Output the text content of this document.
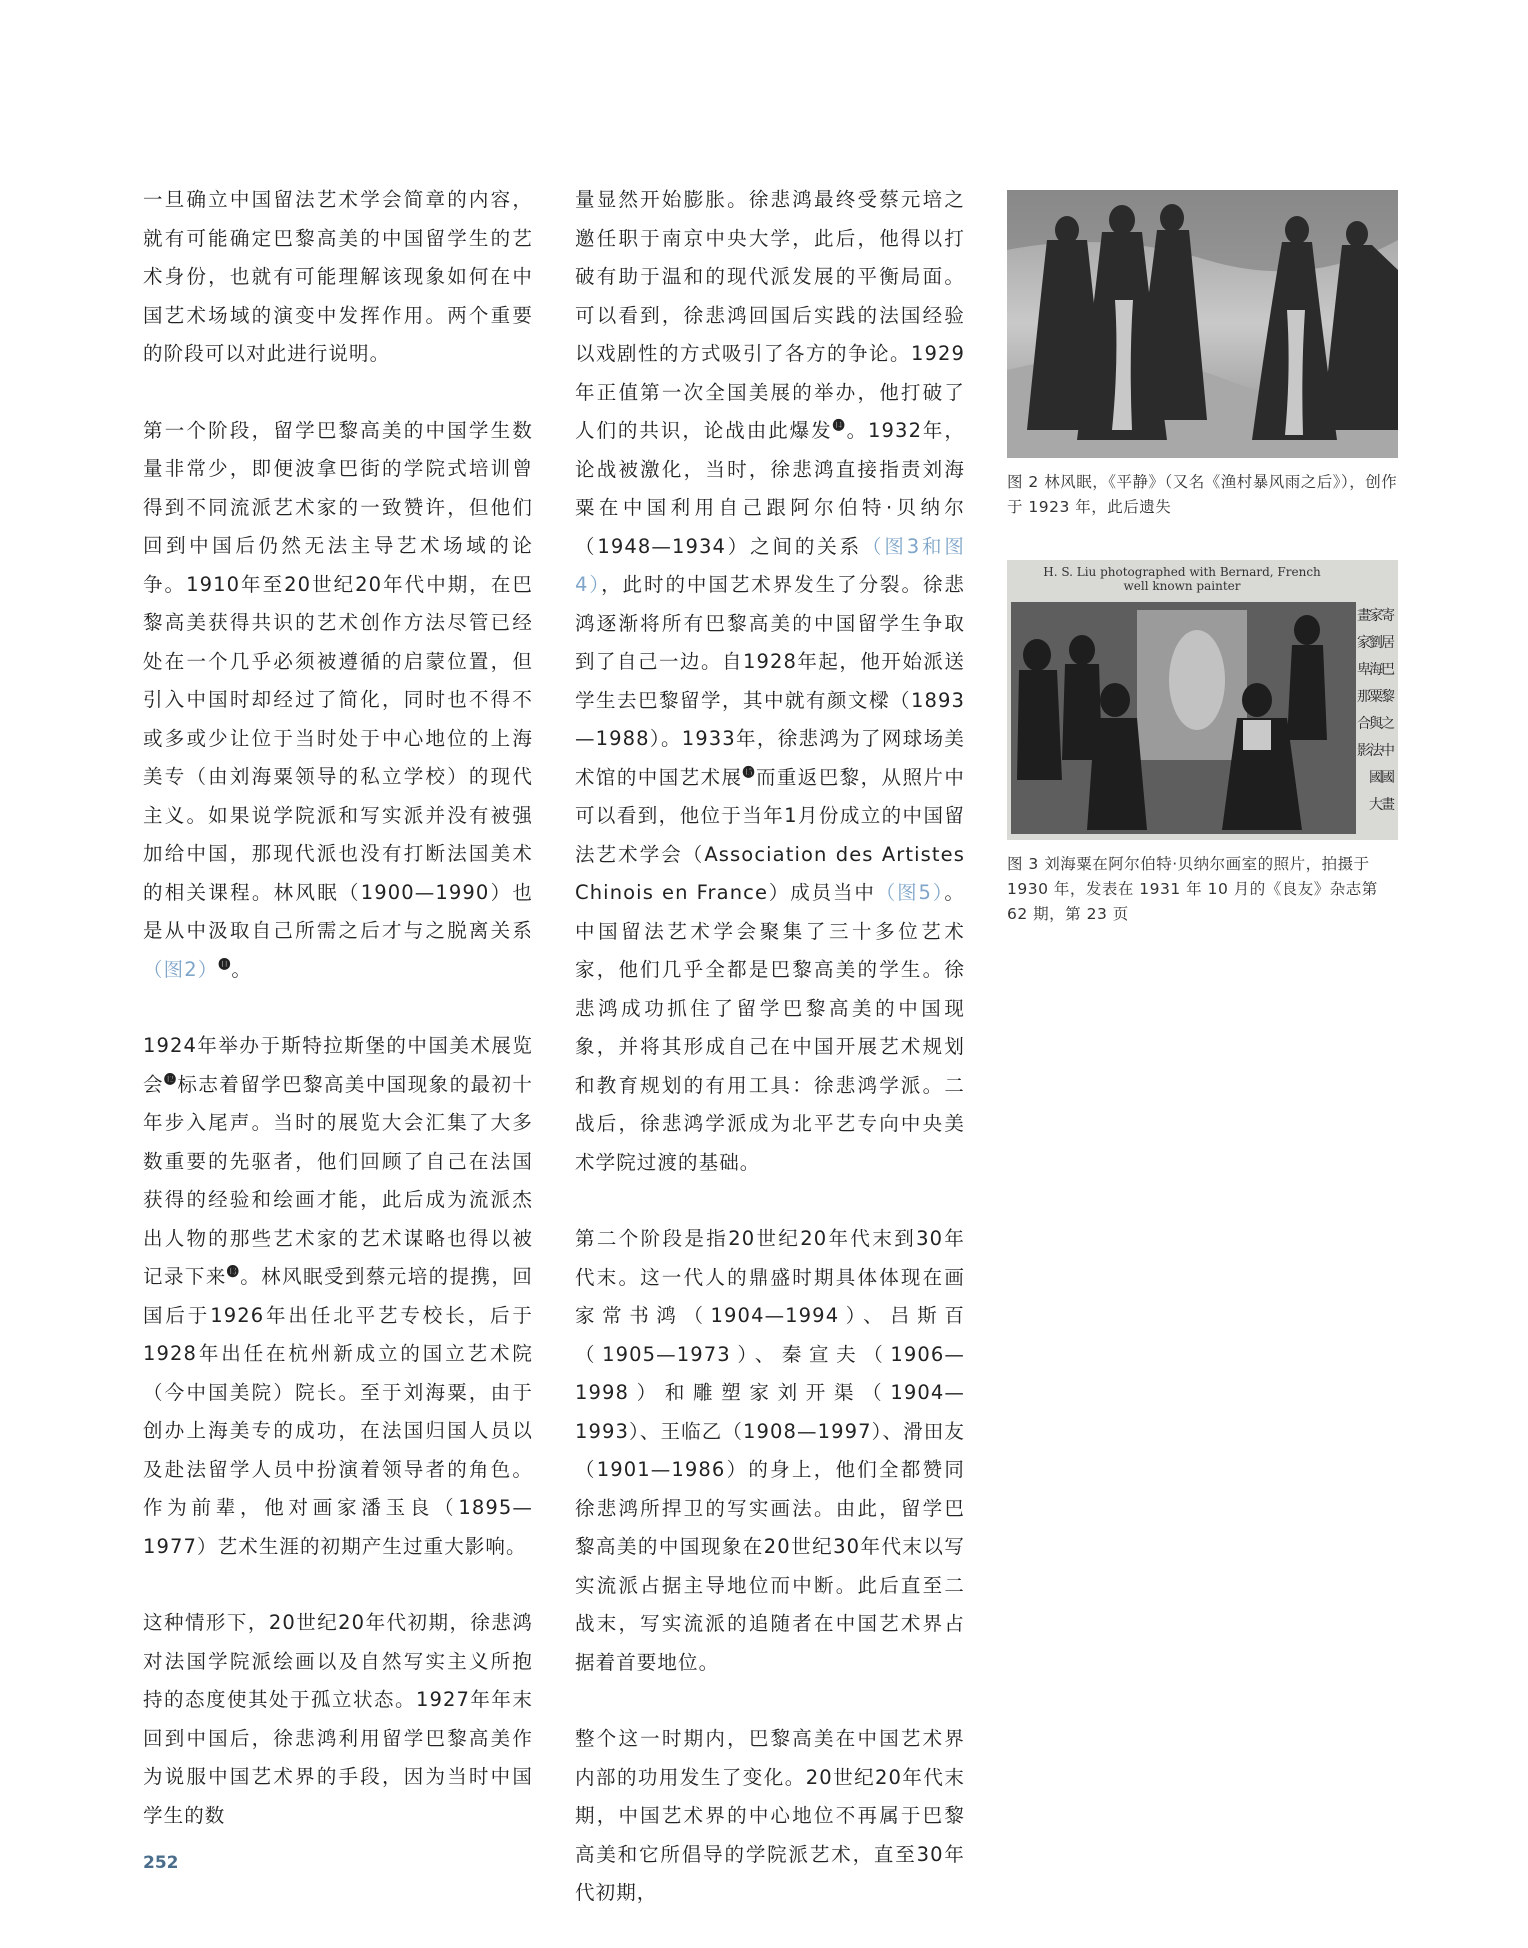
一旦确立中国留法艺术学会简章的内容，就有可能确定巴黎高美的中国留学生的艺术身份，也就有可能理解该现象如何在中国艺术场域的演变中发挥作用。两个重要的阶段可以对此进行说明。

第一个阶段，留学巴黎高美的中国学生数量非常少，即便波拿巴街的学院式培训曾得到不同流派艺术家的一致赞许，但他们回到中国后仍然无法主导艺术场域的论争。1910年至20世纪20年代中期，在巴黎高美获得共识的艺术创作方法尽管已经处在一个几乎必须被遵循的启蒙位置，但引入中国时却经过了简化，同时也不得不或多或少让位于当时处于中心地位的上海美专（由刘海粟领导的私立学校）的现代主义。如果说学院派和写实派并没有被强加给中国，那现代派也没有打断法国美术的相关课程。林风眠（1900—1990）也是从中汲取自己所需之后才与之脱离关系（图2）⓫。

1924年举办于斯特拉斯堡的中国美术展览会⓬标志着留学巴黎高美中国现象的最初十年步入尾声。当时的展览大会汇集了大多数重要的先驱者，他们回顾了自己在法国获得的经验和绘画才能，此后成为流派杰出人物的那些艺术家的艺术谋略也得以被记录下来⓭。林风眠受到蔡元培的提携，回国后于1926年出任北平艺专校长，后于1928年出任在杭州新成立的国立艺术院（今中国美院）院长。至于刘海粟，由于创办上海美专的成功，在法国归国人员以及赴法留学人员中扮演着领导者的角色。作为前辈，他对画家潘玉良（1895—1977）艺术生涯的初期产生过重大影响。

这种情形下，20世纪20年代初期，徐悲鸿对法国学院派绘画以及自然写实主义所抱持的态度使其处于孤立状态。1927年年末回到中国后，徐悲鸿利用留学巴黎高美作为说服中国艺术界的手段，因为当时中国学生的数

量显然开始膨胀。徐悲鸿最终受蔡元培之邀任职于南京中央大学，此后，他得以打破有助于温和的现代派发展的平衡局面。可以看到，徐悲鸿回国后实践的法国经验以戏剧性的方式吸引了各方的争论。1929年正值第一次全国美展的举办，他打破了人们的共识，论战由此爆发⓮。1932年，论战被激化，当时，徐悲鸿直接指责刘海粟在中国利用自己跟阿尔伯特·贝纳尔（1948—1934）之间的关系（图3和图4），此时的中国艺术界发生了分裂。徐悲鸿逐渐将所有巴黎高美的中国留学生争取到了自己一边。自1928年起，他开始派送学生去巴黎留学，其中就有颜文樑（1893—1988）。1933年，徐悲鸿为了网球场美术馆的中国艺术展⓯而重返巴黎，从照片中可以看到，他位于当年1月份成立的中国留法艺术学会（Association des Artistes Chinois en France）成员当中（图5）。中国留法艺术学会聚集了三十多位艺术家，他们几乎全都是巴黎高美的学生。徐悲鸿成功抓住了留学巴黎高美的中国现象，并将其形成自己在中国开展艺术规划和教育规划的有用工具：徐悲鸿学派。二战后，徐悲鸿学派成为北平艺专向中央美术学院过渡的基础。

第二个阶段是指20世纪20年代末到30年代末。这一代人的鼎盛时期具体体现在画家常书鸿（1904—1994）、吕斯百（1905—1973）、秦宣夫（1906—1998）和雕塑家刘开渠（1904—1993）、王临乙（1908—1997）、滑田友（1901—1986）的身上，他们全都赞同徐悲鸿所捍卫的写实画法。由此，留学巴黎高美的中国现象在20世纪30年代末以写实流派占据主导地位而中断。此后直至二战末，写实流派的追随者在中国艺术界占据着首要地位。

整个这一时期内，巴黎高美在中国艺术界内部的功用发生了变化。20世纪20年代末期，中国艺术界的中心地位不再属于巴黎高美和它所倡导的学院派艺术，直至30年代初期，

图 2 林风眠，《平静》（又名《渔村暴风雨之后》），创作于 1923 年，此后遗失
H. S. Liu photographed with Bernard, French
well known painter
寄
居
巴
黎
之
中
國
畫
家
劉
海
粟
與
法
國
大
畫
家
卑
那
合
影
图 3 刘海粟在阿尔伯特·贝纳尔画室的照片，拍摄于 1930 年，发表在 1931 年 10 月的《良友》杂志第 62 期，第 23 页
252
